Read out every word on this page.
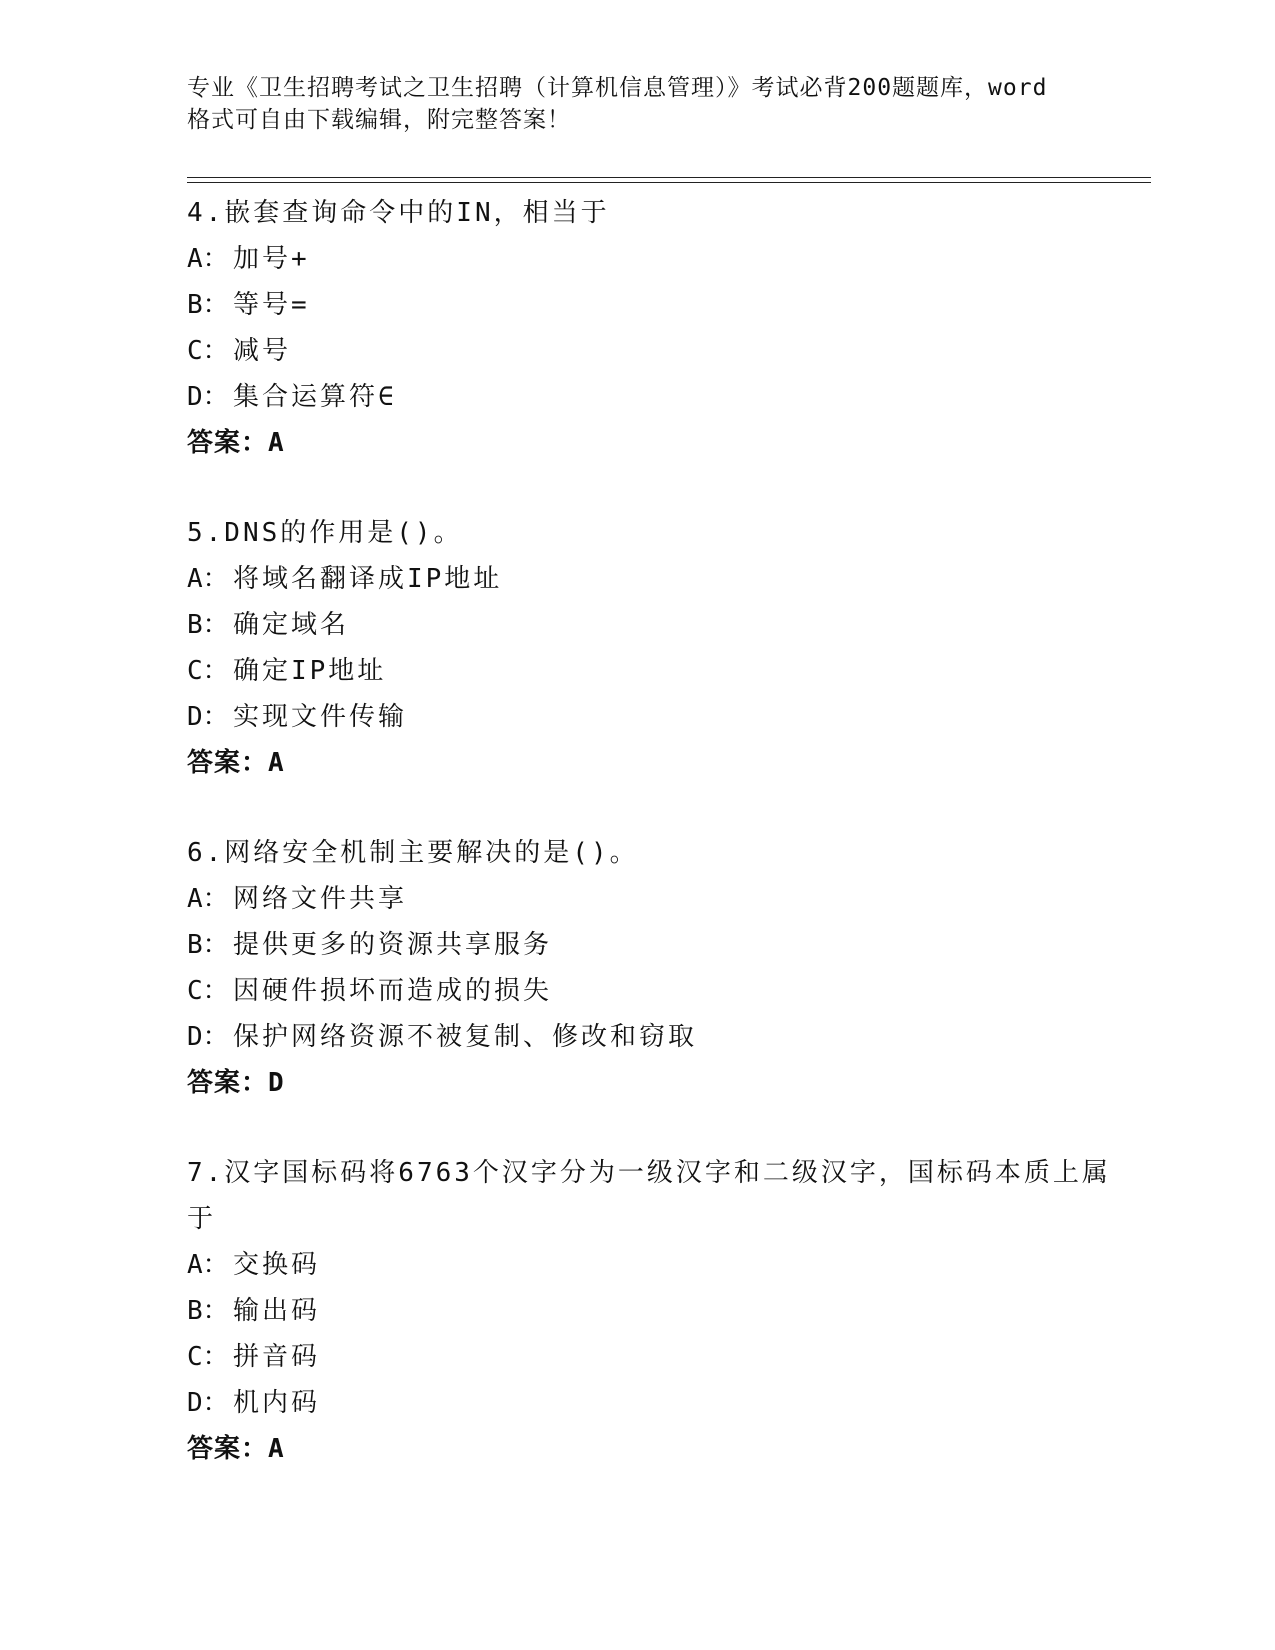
专业《卫生招聘考试之卫生招聘（计算机信息管理）》考试必背200题题库，word
格式可自由下载编辑，附完整答案！
4.嵌套查询命令中的IN，相当于
A： 加号+
B： 等号=
C： 减号
D： 集合运算符∈
答案：A
5.DNS的作用是()。
A： 将域名翻译成IP地址
B： 确定域名
C： 确定IP地址
D： 实现文件传输
答案：A
6.网络安全机制主要解决的是()。
A： 网络文件共享
B： 提供更多的资源共享服务
C： 因硬件损坏而造成的损失
D： 保护网络资源不被复制、修改和窃取
答案：D
7.汉字国标码将6763个汉字分为一级汉字和二级汉字，国标码本质上属于
A： 交换码
B： 输出码
C： 拼音码
D： 机内码
答案：A
